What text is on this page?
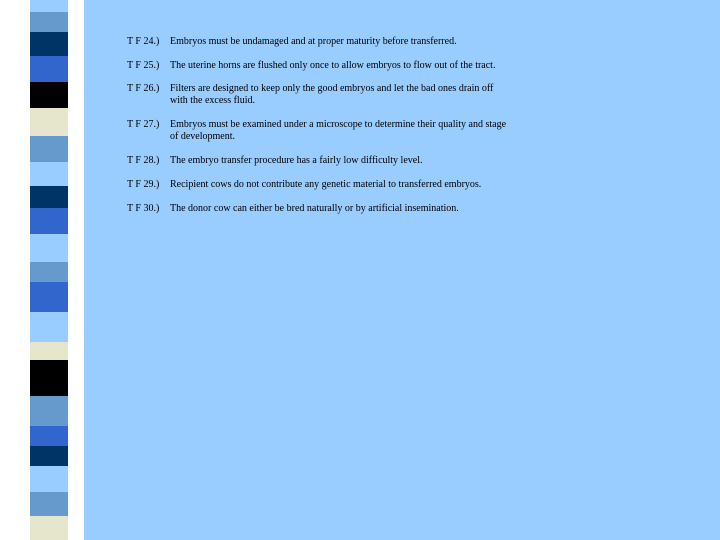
T F 24.)	Embryos must be undamaged and at proper maturity before transferred.
T F 25.)	The uterine horns are flushed only once to allow embryos to flow out of the tract.
T F 26.)	Filters are designed to keep only the good embryos and let the bad ones drain off with the excess fluid.
T F 27.)	Embryos must be examined under a microscope to determine their quality and stage of development.
T F 28.)	The embryo transfer procedure has a fairly low difficulty level.
T F 29.)	Recipient cows do not contribute any genetic material to transferred embryos.
T F 30.)	The donor cow can either be bred naturally or by artificial insemination.
